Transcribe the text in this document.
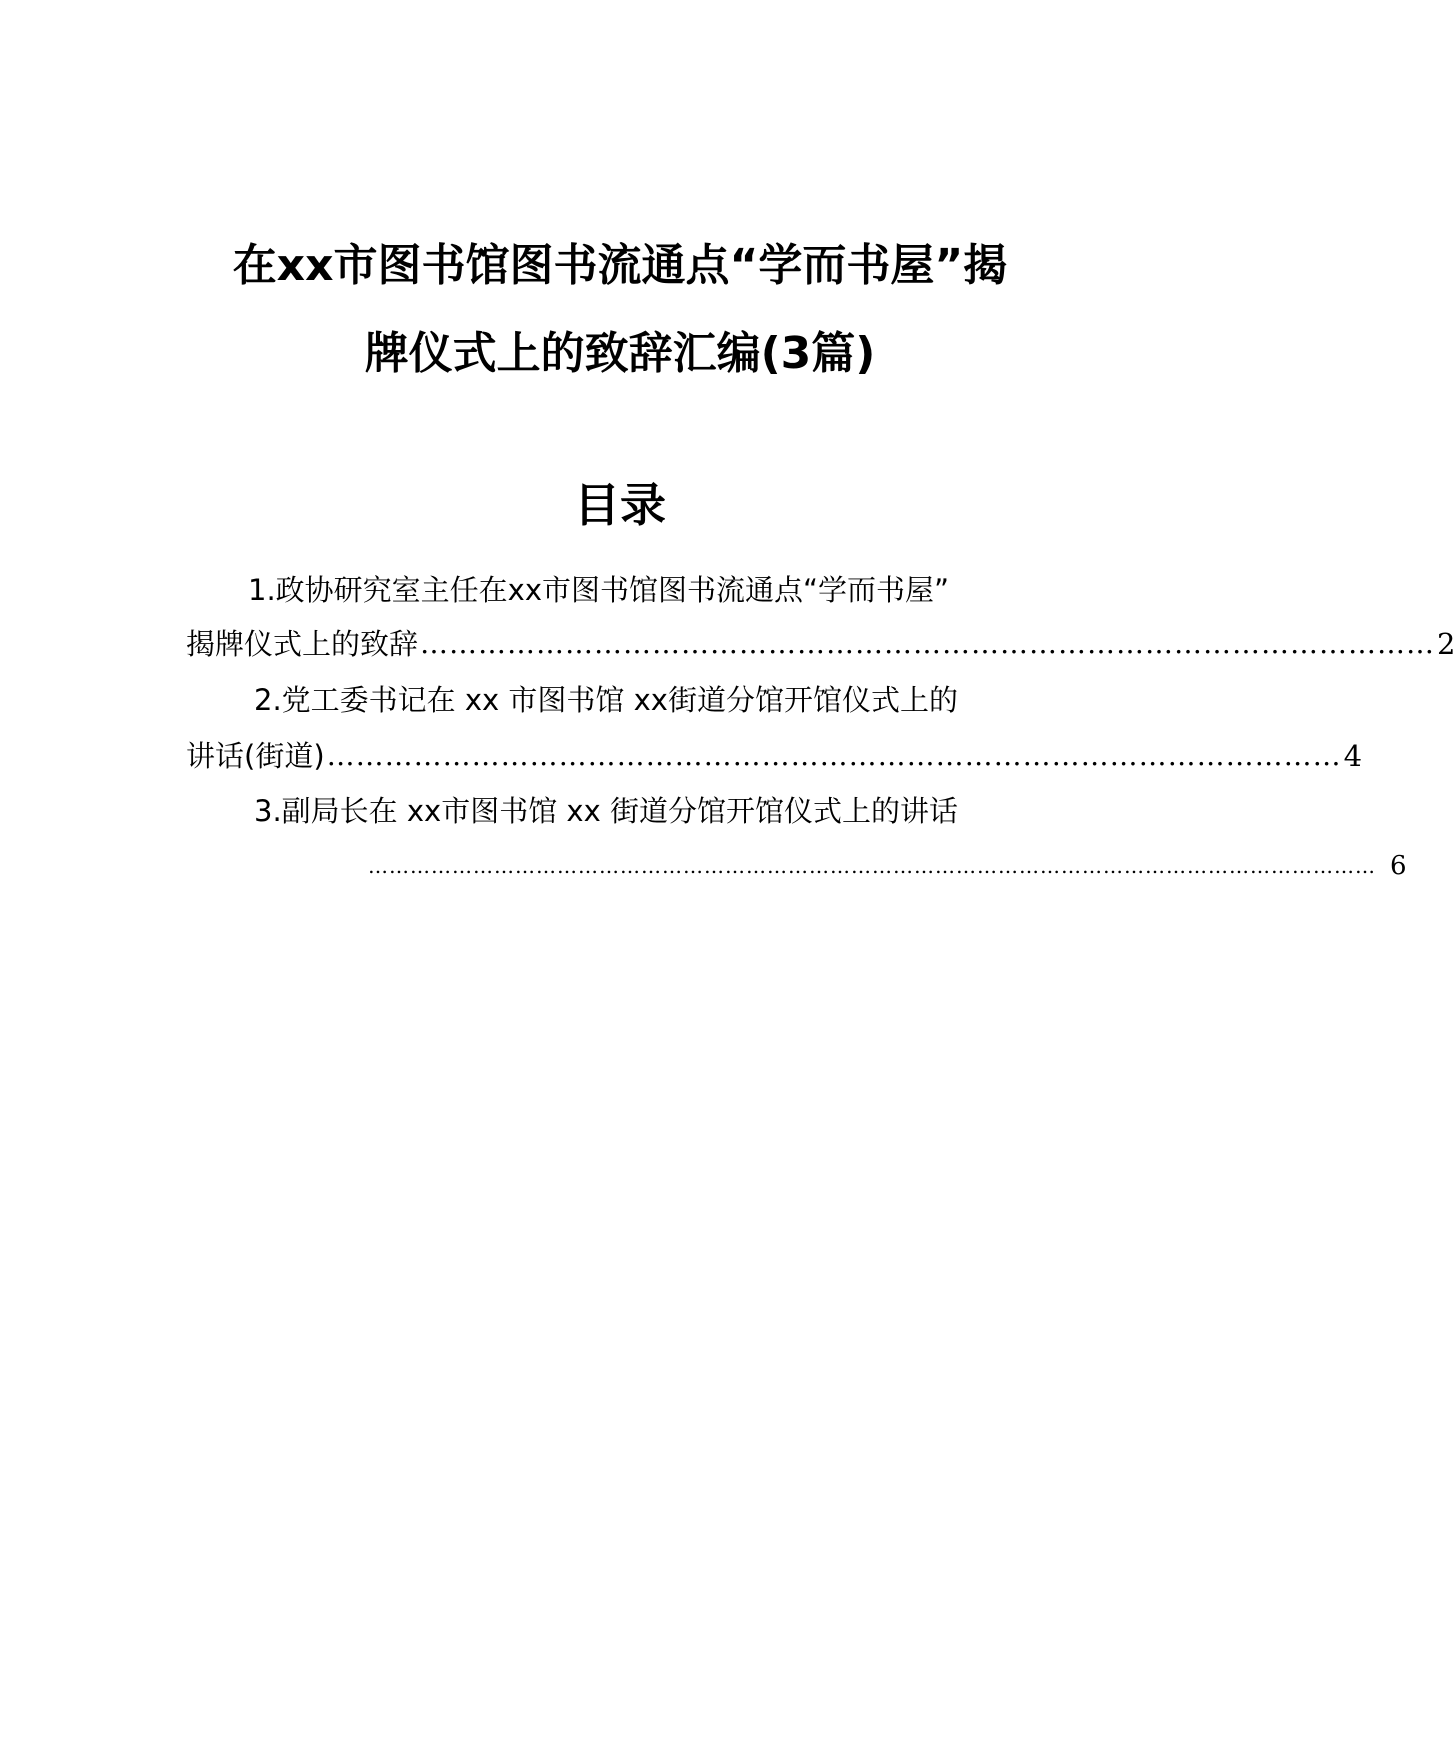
在xx市图书馆图书流通点“学而书屋”揭
牌仪式上的致辞汇编(3篇)
目录
1.政协研究室主任在xx市图书馆图书流通点“学而书屋”
揭牌仪式上的致辞 …………………………………………………………………………………………… 2
2.党工委书记在 xx 市图书馆 xx街道分馆开馆仪式上的
讲话(街道) …………………………………………………………………………………………… 4
3.副局长在 xx市图书馆 xx 街道分馆开馆仪式上的讲话
……………………………………………………………………………………………………………………………… 6
